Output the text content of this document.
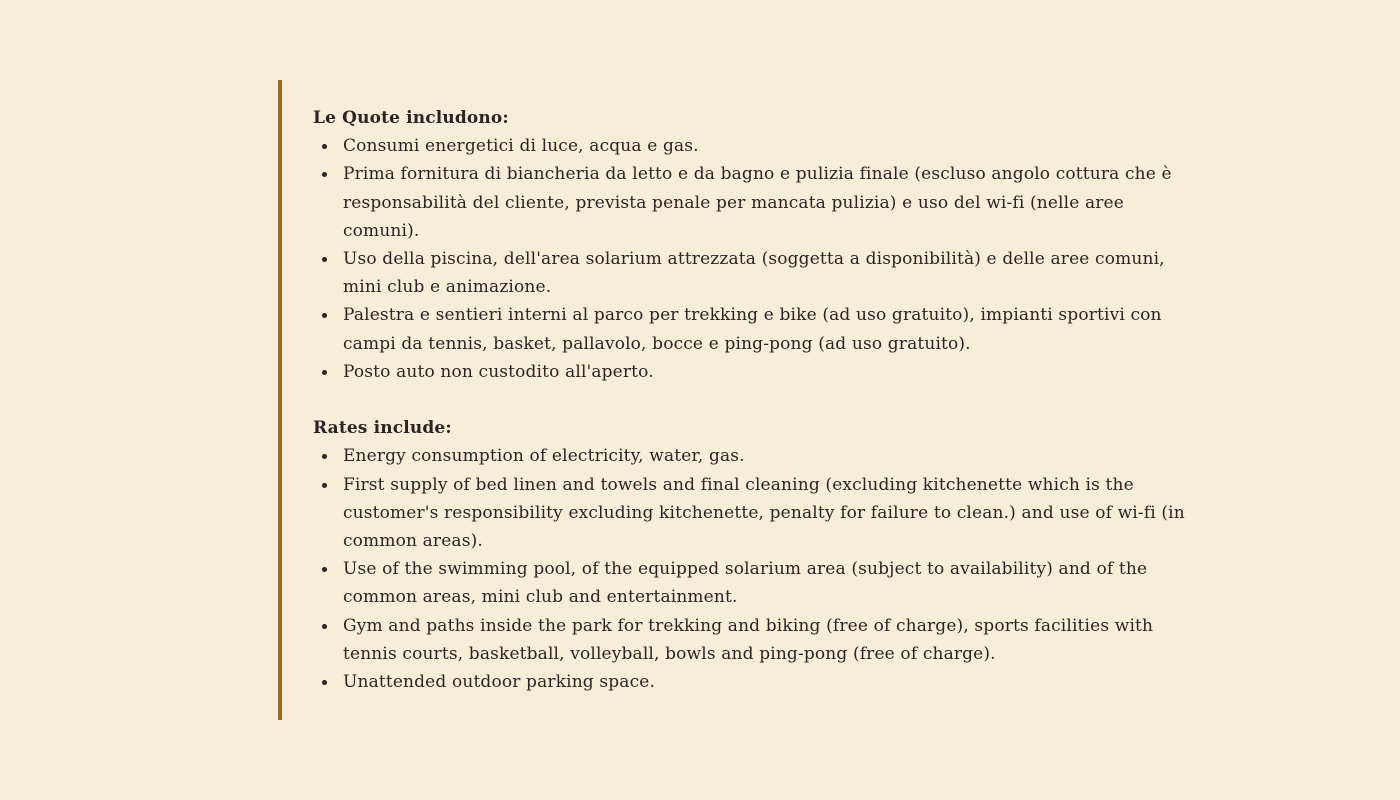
Le Quote includono:

Consumi energetici di luce, acqua e gas.
Prima fornitura di biancheria da letto e da bagno e pulizia finale (escluso angolo cottura che è responsabilità del cliente, prevista penale per mancata pulizia) e uso del wi-fi (nelle aree comuni).
Uso della piscina, dell'area solarium attrezzata (soggetta a disponibilità) e delle aree comuni, mini club e animazione.
Palestra e sentieri interni al parco per trekking e bike (ad uso gratuito), impianti sportivi con campi da tennis, basket, pallavolo, bocce e ping-pong (ad uso gratuito).
Posto auto non custodito all'aperto.

Rates include:

Energy consumption of electricity, water, gas.
First supply of bed linen and towels and final cleaning (excluding kitchenette which is the customer's responsibility excluding kitchenette, penalty for failure to clean.) and use of wi-fi (in common areas).
Use of the swimming pool, of the equipped solarium area (subject to availability) and of the common areas, mini club and entertainment.
Gym and paths inside the park for trekking and biking (free of charge), sports facilities with tennis courts, basketball, volleyball, bowls and ping-pong (free of charge).
Unattended outdoor parking space.
